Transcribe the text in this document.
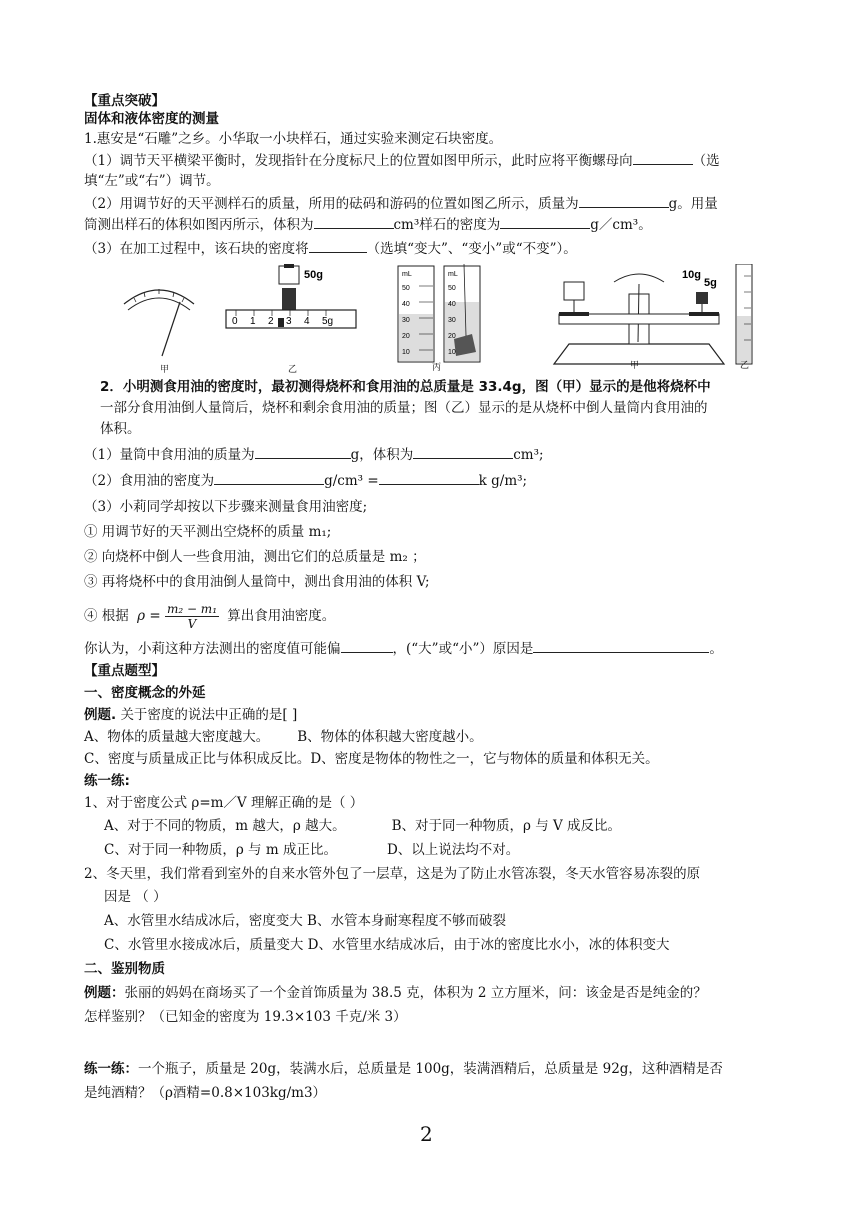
【重点突破】
固体和液体密度的测量
1.惠安是“石雕”之乡。小华取一小块样石，通过实验来测定石块密度。
（1）调节天平横梁平衡时，发现指针在分度标尺上的位置如图甲所示，此时应将平衡螺母向	（选
填“左”或“右”）调节。
（2）用调节好的天平测样石的质量，所用的砝码和游码的位置如图乙所示，质量为	g。用量
筒测出样石的体积如图丙所示，体积为	cm³样石的密度为	g／cm³。
（3）在加工过程中，该石块的密度将	（选填“变大”、“变小”或“不变”）。
50g
0 1 2 3 4 5g
mL	mL
50
40
30
20
10
50
40
30
20
10
10g
5g
甲	乙	丙	甲	乙
2．小明测食用油的密度时，最初测得烧杯和食用油的总质量是 33.4g，图（甲）显示的是他将烧杯中
一部分食用油倒人量筒后，烧杯和剩余食用油的质量；图（乙）显示的是从烧杯中倒人量筒内食用油的
体积。
（1）量筒中食用油的质量为	g，体积为	cm³;
（2）食用油的密度为	g/cm³ =	k g/m³;
（3）小莉同学却按以下步骤来测量食用油密度;
① 用调节好的天平测出空烧杯的质量 m₁;
② 向烧杯中倒人一些食用油，测出它们的总质量是 m₂ ；
③ 再将烧杯中的食用油倒人量筒中，测出食用油的体积 V;
④ 根据 $\rho = \frac{\text{m₂ − m₁}}{V}$ 算出食用油密度。
你认为，小莉这种方法测出的密度值可能偏	，(“大”或“小”）原因是	。
【重点题型】
一、密度概念的外延
例题. 关于密度的说法中正确的是[ ]
A、物体的质量越大密度越大。 B、物体的体积越大密度越小。
C、密度与质量成正比与体积成反比。D、密度是物体的物性之一，它与物体的质量和体积无关。
练一练:
1、对于密度公式 ρ=m／V 理解正确的是（ ）
A、对于不同的物质，m 越大，ρ 越大。	B、对于同一种物质，ρ 与 V 成反比。
C、对于同一种物质，ρ 与 m 成正比。	D、以上说法均不对。
2、冬天里，我们常看到室外的自来水管外包了一层草，这是为了防止水管冻裂，冬天水管容易冻裂的原
因是 （ ）
A、水管里水结成冰后，密度变大 B、水管本身耐寒程度不够而破裂
C、水管里水接成冰后，质量变大 D、水管里水结成冰后，由于冰的密度比水小，冰的体积变大
二、鉴别物质
例题：张丽的妈妈在商场买了一个金首饰质量为 38.5 克，体积为 2 立方厘米，问：该金是否是纯金的？
怎样鉴别？（已知金的密度为 19.3×103 千克/米 3）
练一练：一个瓶子，质量是 20g，装满水后，总质量是 100g，装满酒精后，总质量是 92g，这种酒精是否
是纯酒精？（ρ酒精=0.8×103kg/m3）
2
